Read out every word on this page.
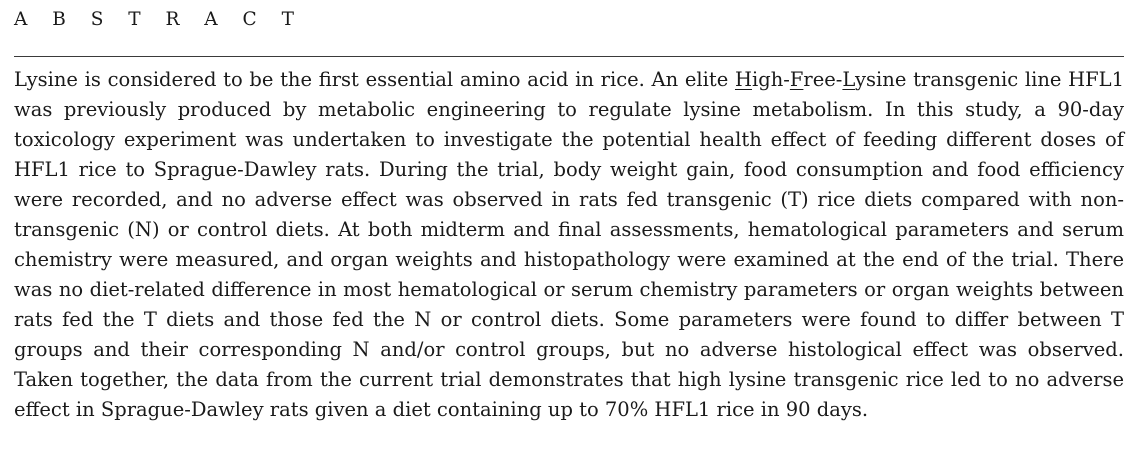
A B S T R A C T

Lysine is considered to be the first essential amino acid in rice. An elite High-Free-Lysine transgenic line HFL1 was previously produced by metabolic engineering to regulate lysine metabolism. In this study, a 90-day toxicology experiment was undertaken to investigate the potential health effect of feeding different doses of HFL1 rice to Sprague-Dawley rats. During the trial, body weight gain, food consumption and food efficiency were recorded, and no adverse effect was observed in rats fed transgenic (T) rice diets compared with non-transgenic (N) or control diets. At both midterm and final assessments, hematological parameters and serum chemistry were measured, and organ weights and histopathology were examined at the end of the trial. There was no diet-related difference in most hematological or serum chemistry parameters or organ weights between rats fed the T diets and those fed the N or control diets. Some parameters were found to differ between T groups and their corresponding N and/or control groups, but no adverse histological effect was observed. Taken together, the data from the current trial demonstrates that high lysine transgenic rice led to no adverse effect in Sprague-Dawley rats given a diet containing up to 70% HFL1 rice in 90 days.
